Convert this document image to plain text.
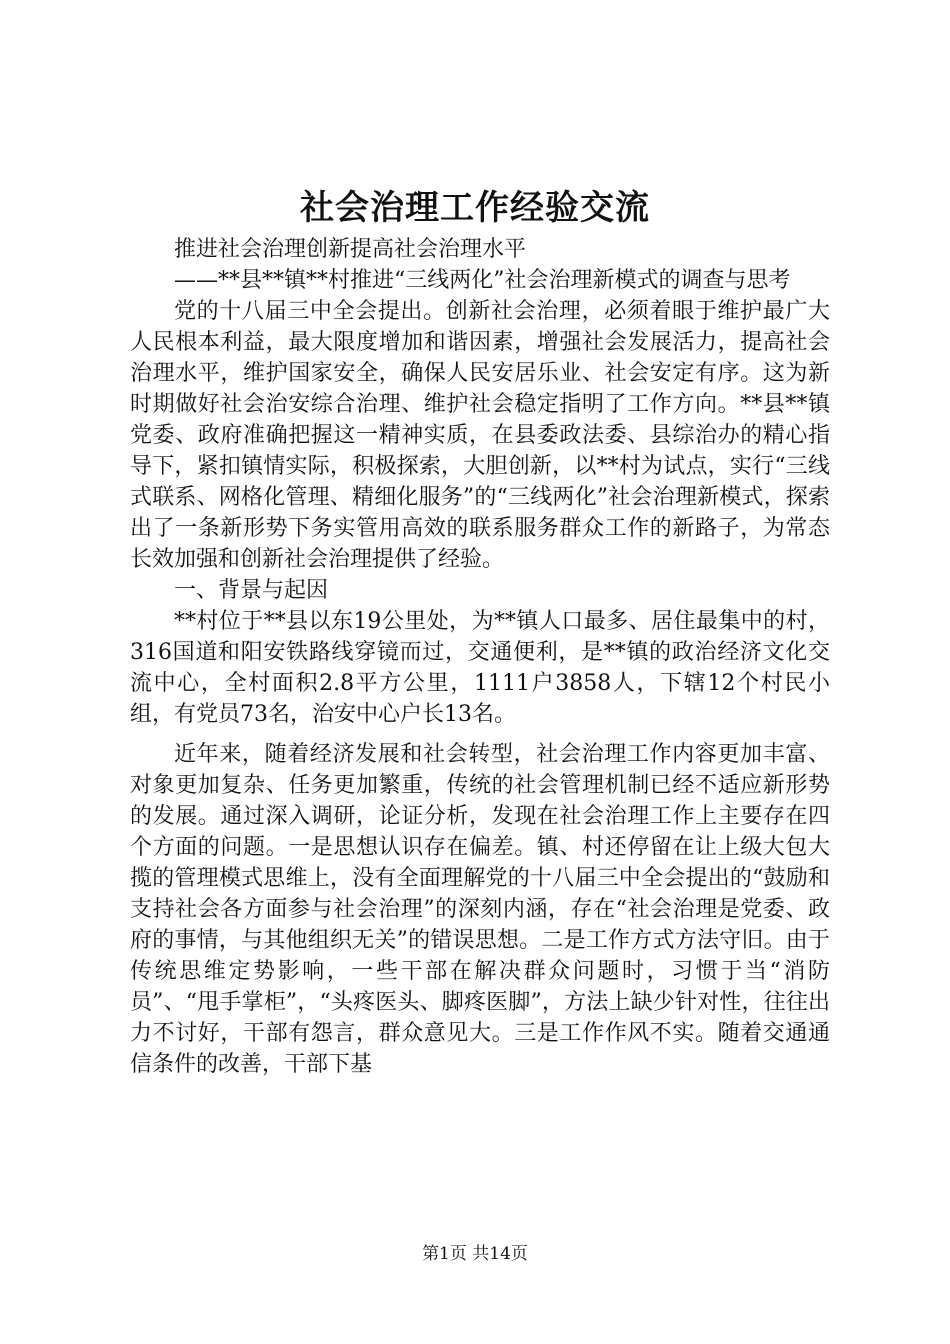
社会治理工作经验交流

推进社会治理创新提高社会治理水平

——**县**镇**村推进“三线两化”社会治理新模式的调查与思考

党的十八届三中全会提出。创新社会治理，必须着眼于维护最广大人民根本利益，最大限度增加和谐因素，增强社会发展活力，提高社会治理水平，维护国家安全，确保人民安居乐业、社会安定有序。这为新时期做好社会治安综合治理、维护社会稳定指明了工作方向。**县**镇党委、政府准确把握这一精神实质，在县委政法委、县综治办的精心指导下，紧扣镇情实际，积极探索，大胆创新，以**村为试点，实行“三线式联系、网格化管理、精细化服务”的“三线两化”社会治理新模式，探索出了一条新形势下务实管用高效的联系服务群众工作的新路子，为常态长效加强和创新社会治理提供了经验。

一、背景与起因

**村位于**县以东19公里处，为**镇人口最多、居住最集中的村，316国道和阳安铁路线穿镜而过，交通便利，是**镇的政治经济文化交流中心，全村面积2.8平方公里，1111户3858人，下辖12个村民小组，有党员73名，治安中心户长13名。

近年来，随着经济发展和社会转型，社会治理工作内容更加丰富、对象更加复杂、任务更加繁重，传统的社会管理机制已经不适应新形势的发展。通过深入调研，论证分析，发现在社会治理工作上主要存在四个方面的问题。一是思想认识存在偏差。镇、村还停留在让上级大包大揽的管理模式思维上，没有全面理解党的十八届三中全会提出的“鼓励和支持社会各方面参与社会治理”的深刻内涵，存在“社会治理是党委、政府的事情，与其他组织无关”的错误思想。二是工作方式方法守旧。由于传统思维定势影响，一些干部在解决群众问题时，习惯于当“消防员”、“甩手掌柜”，“头疼医头、脚疼医脚”，方法上缺少针对性，往往出力不讨好，干部有怨言，群众意见大。三是工作作风不实。随着交通通信条件的改善，干部下基

第1页 共14页
